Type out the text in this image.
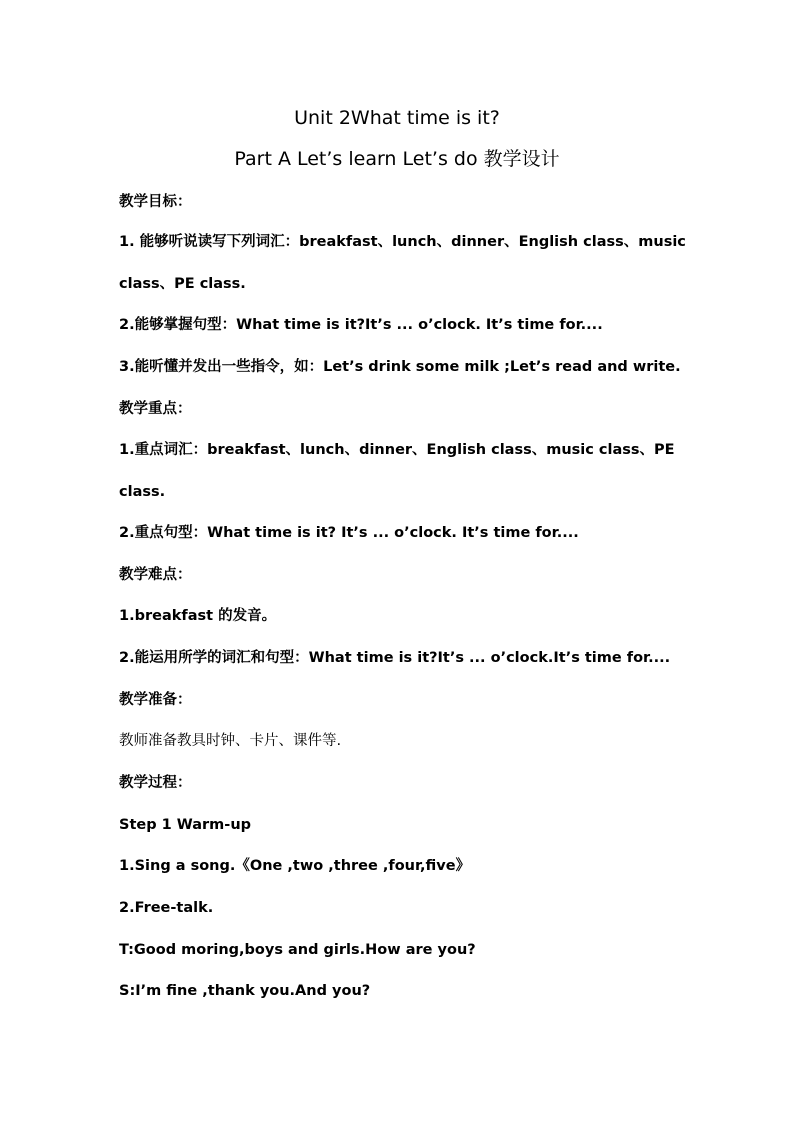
Unit 2What time is it?
Part A Let’s learn Let’s do 教学设计
教学目标：
1. 能够听说读写下列词汇：breakfast、lunch、dinner、English class、music
class、PE class.
2.能够掌握句型：What time is it?It’s ... o’clock. It’s time for....
3.能听懂并发出一些指令，如：Let’s drink some milk ;Let’s read and write.
教学重点：
1.重点词汇：breakfast、lunch、dinner、English class、music class、PE
class.
2.重点句型：What time is it? It’s ... o’clock. It’s time for....
教学难点：
1.breakfast 的发音。
2.能运用所学的词汇和句型：What time is it?It’s ... o’clock.It’s time for....
教学准备：
教师准备教具时钟、卡片、课件等.
教学过程：
Step 1 Warm-up
1.Sing a song.《One ,two ,three ,four,five》
2.Free-talk.
T:Good moring,boys and girls.How are you?
S:I’m fine ,thank you.And you?
